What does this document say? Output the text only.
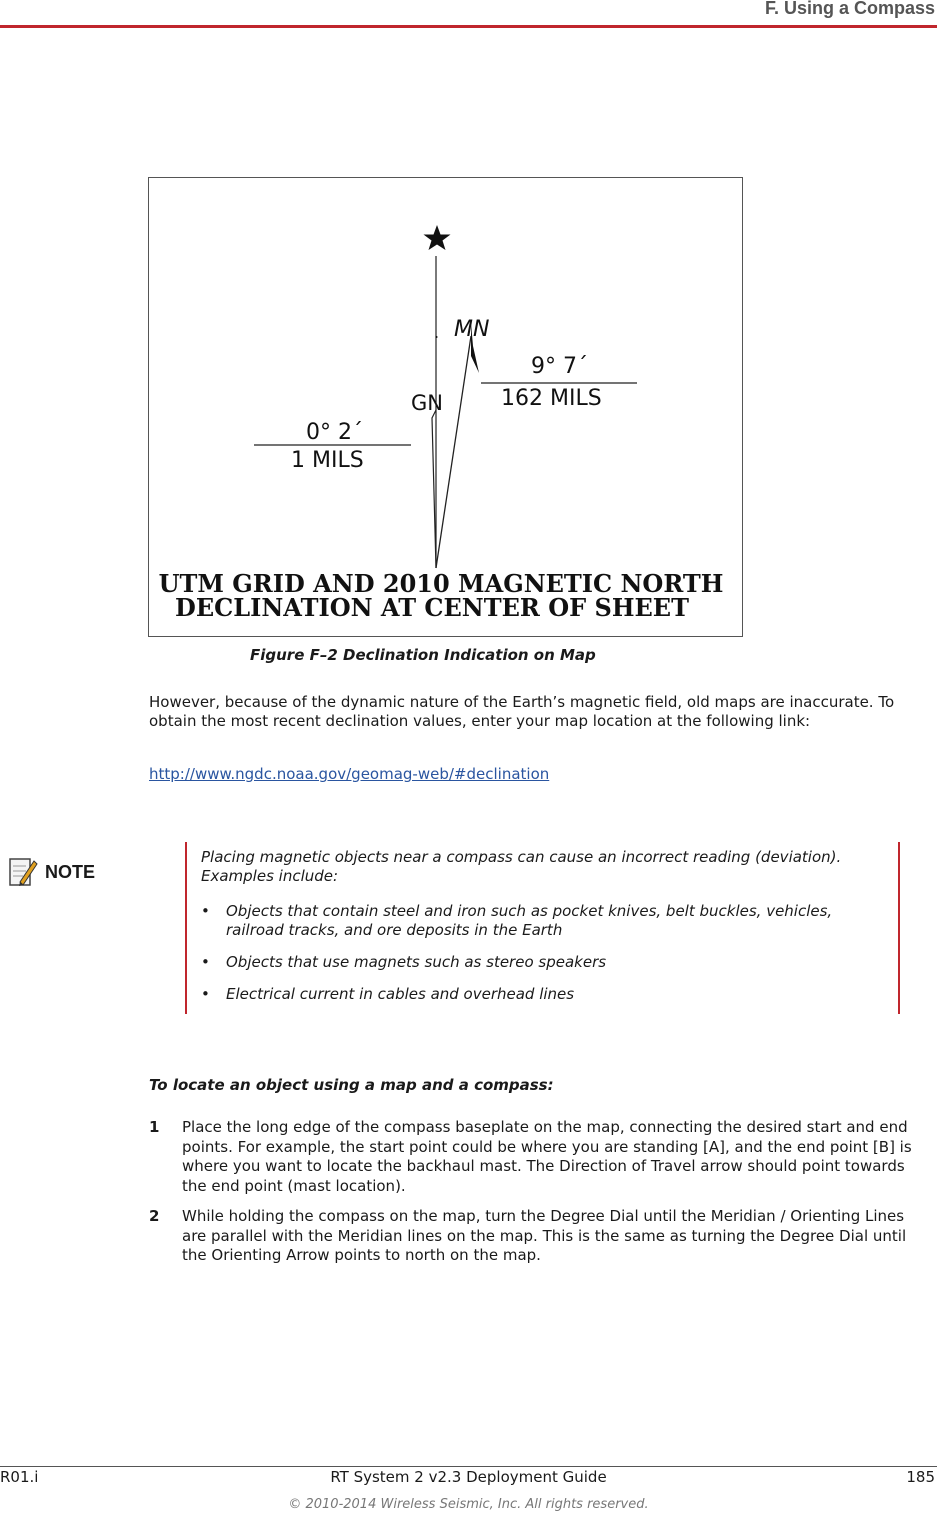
F. Using a Compass
. MN
GN
9° 7´
162 MILS
0° 2´
1 MILS
UTM GRID AND 2010 MAGNETIC NORTH
DECLINATION AT CENTER OF SHEET
Figure F–2 Declination Indication on Map
However, because of the dynamic nature of the Earth’s magnetic field, old maps are inaccurate. To obtain the most recent declination values, enter your map location at the following link:
http://www.ngdc.noaa.gov/geomag-web/#declination
NOTE
Placing magnetic objects near a compass can cause an incorrect reading (deviation). Examples include:
• Objects that contain steel and iron such as pocket knives, belt buckles, vehicles, railroad tracks, and ore deposits in the Earth
• Objects that use magnets such as stereo speakers
• Electrical current in cables and overhead lines
To locate an object using a map and a compass:
1 Place the long edge of the compass baseplate on the map, connecting the desired start and end points. For example, the start point could be where you are standing [A], and the end point [B] is where you want to locate the backhaul mast. The Direction of Travel arrow should point towards the end point (mast location).
2 While holding the compass on the map, turn the Degree Dial until the Meridian / Orienting Lines are parallel with the Meridian lines on the map. This is the same as turning the Degree Dial until the Orienting Arrow points to north on the map.
R01.i	RT System 2 v2.3 Deployment Guide	185
© 2010-2014 Wireless Seismic, Inc. All rights reserved.
